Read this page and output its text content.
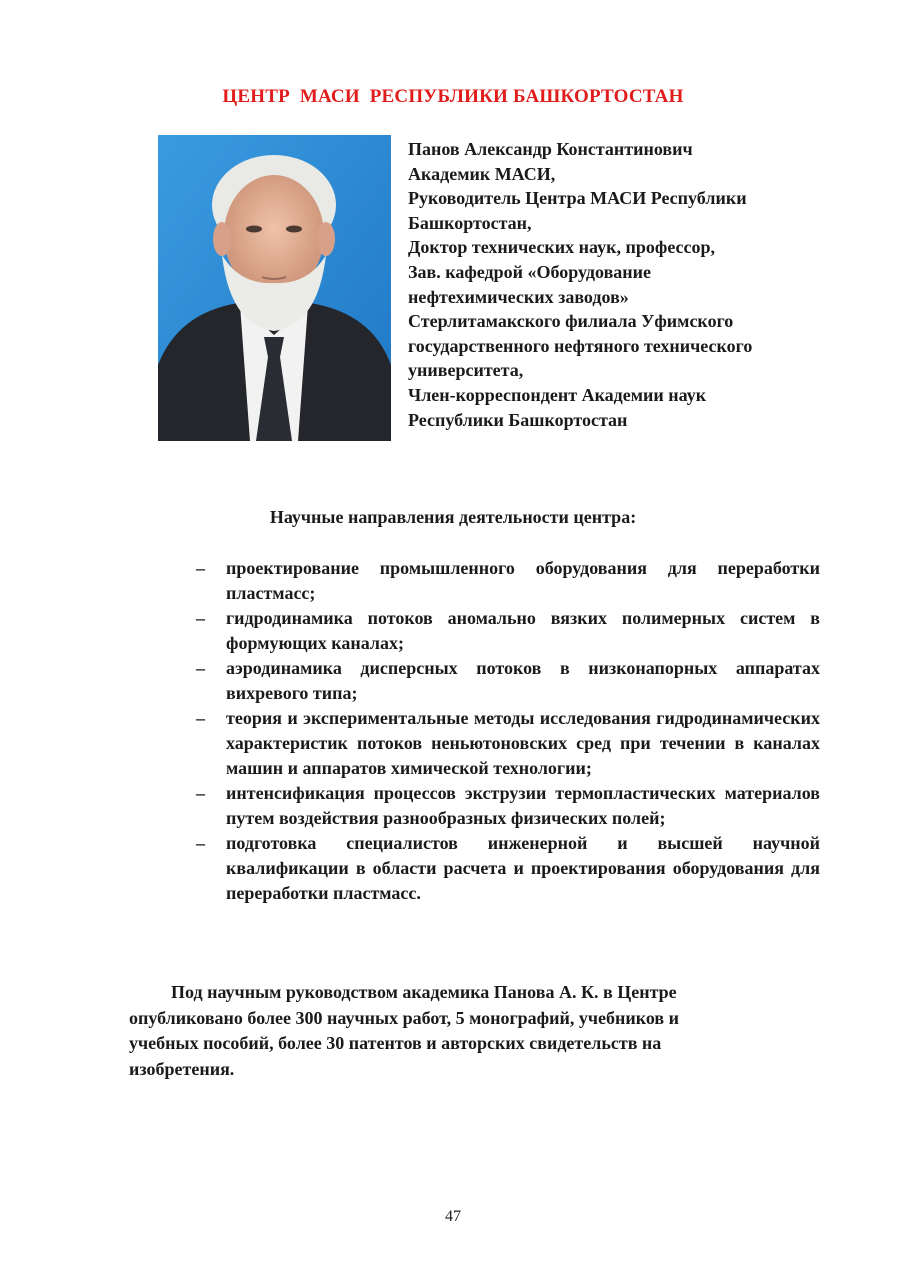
ЦЕНТР  МАСИ  РЕСПУБЛИКИ БАШКОРТОСТАН
Панов Александр Константинович
Академик МАСИ,
Руководитель Центра МАСИ Республики
Башкортостан,
Доктор технических наук, профессор,
Зав. кафедрой «Оборудование
нефтехимических заводов»
Стерлитамакского филиала Уфимского
государственного нефтяного технического
университета,
Член-корреспондент Академии наук
Республики Башкортостан
Научные направления деятельности центра:
– проектирование промышленного оборудования для переработки пластмасс;
– гидродинамика потоков аномально вязких полимерных систем в формующих каналах;
– аэродинамика дисперсных потоков в низконапорных аппаратах вихревого типа;
– теория и экспериментальные методы исследования гидродинамических характеристик потоков неньютоновских сред при течении в каналах машин и аппаратов химической технологии;
– интенсификация процессов экструзии термопластических материалов путем воздействия разнообразных физических полей;
– подготовка специалистов инженерной и высшей научной квалификации в области расчета и проектирования оборудования для переработки пластмасс.
Под научным руководством академика Панова А. К. в Центре
опубликовано более 300 научных работ, 5 монографий, учебников и
учебных пособий, более 30 патентов и авторских свидетельств на
изобретения.
47
